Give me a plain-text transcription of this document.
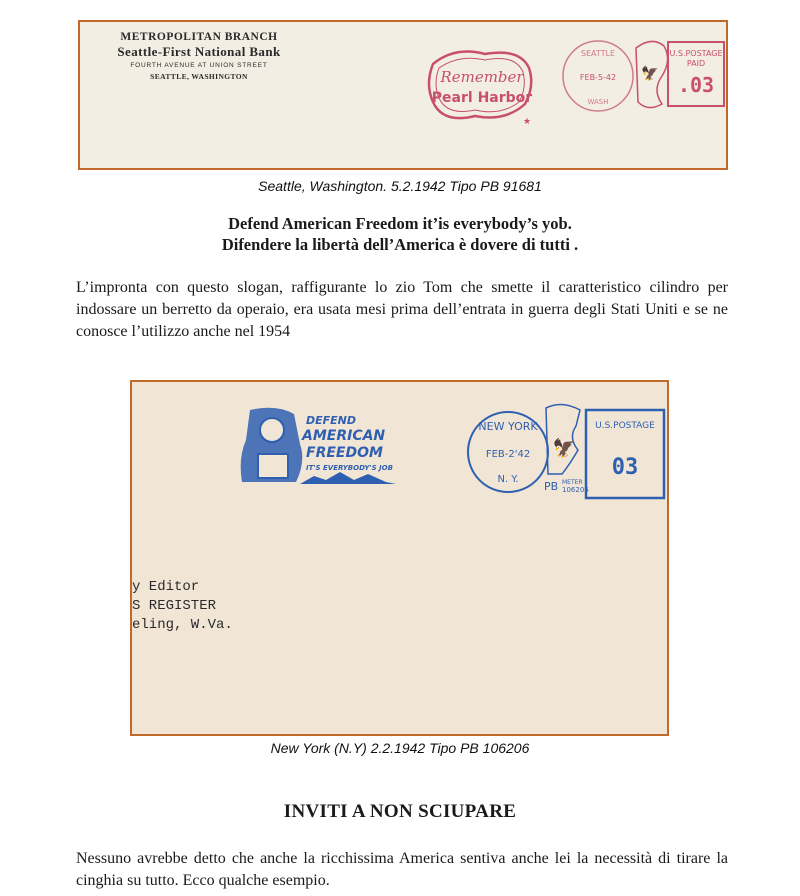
METROPOLITAN BRANCH
Seattle-First National Bank
FOURTH AVENUE AT UNION STREET
SEATTLE, WASHINGTON	Remember
Pearl Harbor
★
SEATTLE
FEB-5-42
WASH
🦅
U.S.POSTAGE
PAID
.03
Seattle, Washington. 5.2.1942 Tipo PB 91681
Defend American Freedom it’is everybody’s yob.
Difendere la libertà dell’America è dovere di tutti .
L’impronta con questo slogan, raffigurante lo zio Tom che smette il caratteristico cilindro per indossare un berretto da operaio, era usata mesi prima dell’entrata in guerra degli Stati Uniti e se ne conosce l’utilizzo anche nel 1954
DEFEND
AMERICAN
FREEDOM
IT'S EVERYBODY'S JOB
NEW YORK
FEB-2'42
N. Y.
🦅
U.S.POSTAGE
03
PB METER
106206
y Editor
S REGISTER
eling, W.Va.
New York (N.Y) 2.2.1942 Tipo PB 106206
INVITI A NON SCIUPARE
Nessuno avrebbe detto che anche la ricchissima America sentiva anche lei la necessità di tirare la cinghia su tutto. Ecco qualche esempio.
